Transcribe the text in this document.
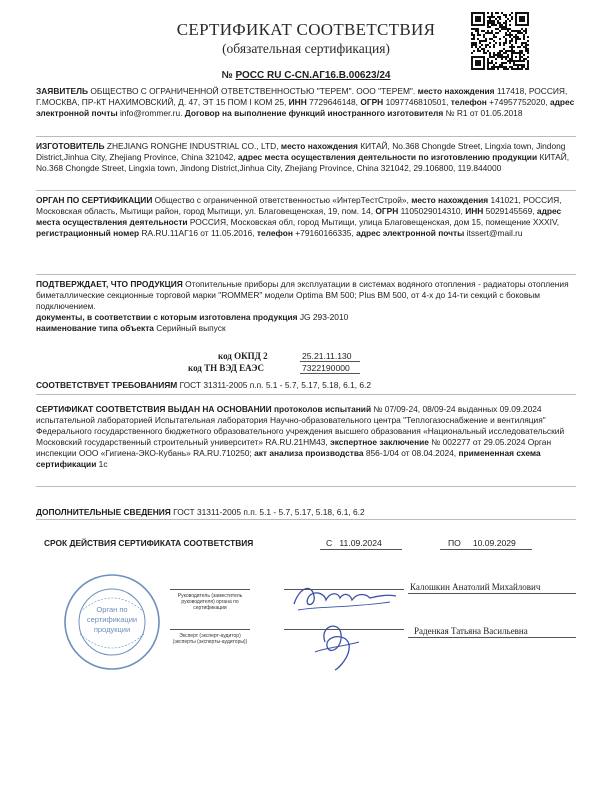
СЕРТИФИКАТ СООТВЕТСТВИЯ
(обязательная сертификация)
№ РОСС RU С-CN.АГ16.В.00623/24
ЗАЯВИТЕЛЬ ОБЩЕСТВО С ОГРАНИЧЕННОЙ ОТВЕТСТВЕННОСТЬЮ "ТЕРЕМ". ООО "ТЕРЕМ". место нахождения 117418, РОССИЯ, Г.МОСКВА, ПР-КТ НАХИМОВСКИЙ, Д. 47, ЭТ 15 ПОМ I КОМ 25, ИНН 7729646148, ОГРН 1097746810501, телефон +74957752020, адрес электронной почты info@rommer.ru. Договор на выполнение функций иностранного изготовителя № R1 от 01.05.2018
ИЗГОТОВИТЕЛЬ ZHEJIANG RONGHE INDUSTRIAL CO., LTD, место нахождения КИТАЙ, No.368 Chongde Street, Lingxia town, Jindong District,Jinhua City, Zhejiang Province, China 321042, адрес места осуществления деятельности по изготовлению продукции КИТАЙ, No.368 Chongde Street, Lingxia town, Jindong District,Jinhua City, Zhejiang Province, China 321042, 29.106800, 119.844000
ОРГАН ПО СЕРТИФИКАЦИИ Общество с ограниченной ответственностью «ИнтерТестСтрой», место нахождения 141021, РОССИЯ, Московская область, Мытищи район, город Мытищи, ул. Благовещенская, 19, пом. 14, ОГРН 1105029014310, ИНН 5029145569, адрес места осуществления деятельности РОССИЯ, Московская обл, город Мытищи, улица Благовещенская, дом 15, помещение XXXIV, регистрационный номер RA.RU.11АГ16 от 11.05.2016, телефон +79160166335, адрес электронной почты itssert@mail.ru
ПОДТВЕРЖДАЕТ, ЧТО ПРОДУКЦИЯ Отопительные приборы для эксплуатации в системах водяного отопления - радиаторы отопления биметаллические секционные торговой марки "ROMMER" модели Optima BM 500; Plus BM 500, от 4-х до 14-ти секций с боковым подключением.
документы, в соответствии с которым изготовлена продукция JG 293-2010
наименование типа объекта Серийный выпуск
код ОКПД 2	25.21.11.130
код ТН ВЭД ЕАЭС	7322190000
СООТВЕТСТВУЕТ ТРЕБОВАНИЯМ ГОСТ 31311-2005 п.п. 5.1 - 5.7, 5.17, 5.18, 6.1, 6.2
СЕРТИФИКАТ СООТВЕТСТВИЯ ВЫДАН НА ОСНОВАНИИ протоколов испытаний № 07/09-24, 08/09-24 выданных 09.09.2024 испытательной лабораторией Испытательная лаборатория Научно-образовательного центра "Теплогазоснабжение и вентиляция" Федерального государственного бюджетного образовательного учреждения высшего образования «Национальный исследовательский Московский государственный строительный университет» RA.RU.21НМ43, экспертное заключение № 002277 от 29.05.2024 Орган инспекции ООО «Гигиена-ЭКО-Кубань» RA.RU.710250; акт анализа производства 856-1/04 от 08.04.2024, примененная схема сертификации 1с
ДОПОЛНИТЕЛЬНЫЕ СВЕДЕНИЯ ГОСТ 31311-2005 п.п. 5.1 - 5.7, 5.17, 5.18, 6.1, 6.2
СРОК ДЕЙСТВИЯ СЕРТИФИКАТА СООТВЕТСТВИЯ	С 11.09.2024	ПО 10.09.2029
Орган по
сертификации
продукции
Руководитель (заместитель руководителя) органа по сертификации
Эксперт (эксперт-аудитор) (эксперты (эксперты-аудиторы))
Калошкин Анатолий Михайлович
Раденкая Татьяна Васильевна
